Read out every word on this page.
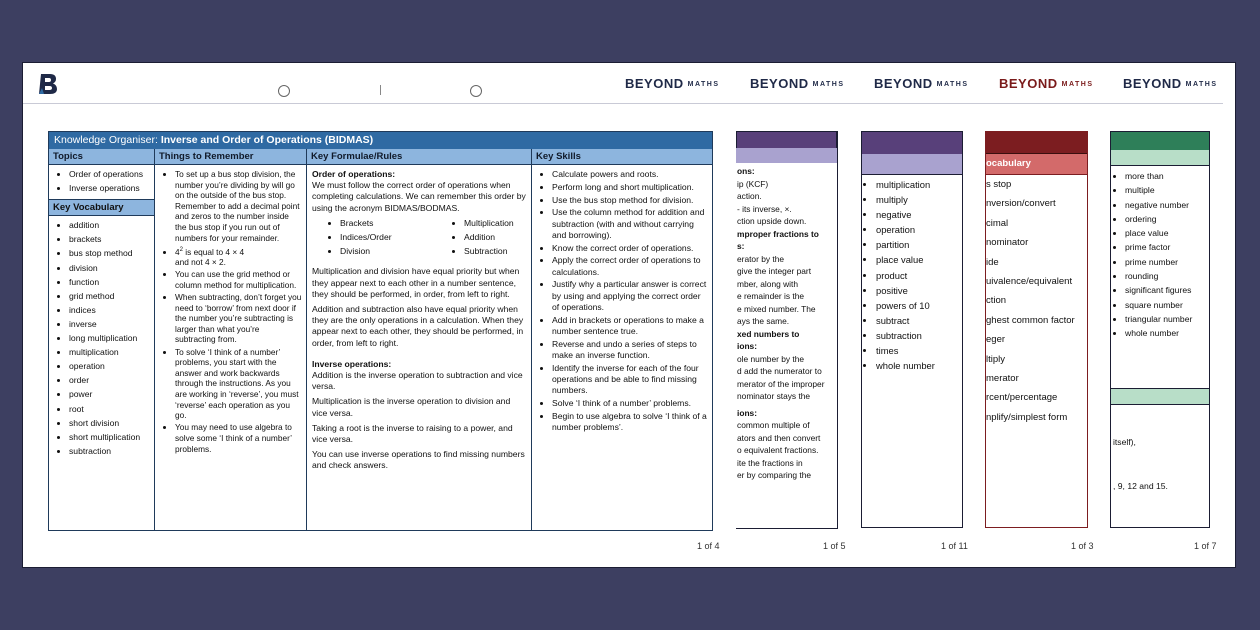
BEYOND MATHS BEYOND MATHS BEYOND MATHS BEYOND MATHS BEYOND MATHS
Knowledge Organiser: Inverse and Order of Operations (BIDMAS)
Topics
• Order of operations
• Inverse operations
Key Vocabulary
• addition
• brackets
• bus stop method
• division
• function
• grid method
• indices
• inverse
• long multiplication
• multiplication
• operation
• order
• power
• root
• short division
• short multiplication
• subtraction
Things to Remember
• To set up a bus stop division, the number you’re dividing by will go on the outside of the bus stop. Remember to add a decimal point and zeros to the number inside the bus stop if you run out of numbers for your remainder.
• $4^2$ is equal to 4 × 4
and not 4 × 2.
• You can use the grid method or column method for multiplication.
• When subtracting, don’t forget you need to ‘borrow’ from next door if the number you’re subtracting is larger than what you’re subtracting from.
• To solve ‘I think of a number’ problems, you start with the answer and work backwards through the instructions. As you are working in ‘reverse’, you must ‘reverse’ each operation as you go.
• You may need to use algebra to solve some ‘I think of a number’ problems.
Key Formulae/Rules

Order of operations:
We must follow the correct order of operations when completing calculations. We can remember this order by using the acronym BIDMAS/BODMAS.

• Brackets
• Indices/Order
• Division
• Multiplication
• Addition
• Subtraction

Multiplication and division have equal priority but when they appear next to each other in a number sentence, they should be performed, in order, from left to right.

Addition and subtraction also have equal priority when they are the only operations in a calculation. When they appear next to each other, they should be performed, in order, from left to right.

Inverse operations:
Addition is the inverse operation to subtraction and vice versa.

Multiplication is the inverse operation to division and vice versa.

Taking a root is the inverse to raising to a power, and vice versa.

You can use inverse operations to find missing numbers and check answers.

Key Skills
• Calculate powers and roots.
• Perform long and short multiplication.
• Use the bus stop method for division.
• Use the column method for addition and subtraction (with and without carrying and borrowing).
• Know the correct order of operations.
• Apply the correct order of operations to calculations.
• Justify why a particular answer is correct by using and applying the correct order of operations.
• Add in brackets or operations to make a number sentence true.
• Reverse and undo a series of steps to make an inverse function.
• Identify the inverse for each of the four operations and be able to find missing numbers.
• Solve ‘I think of a number’ problems.
• Begin to use algebra to solve ‘I think of a number problems’.
1 of 4
ons:
ip (KCF)
action.
- its inverse, ×.
ction upside down.
mproper fractions to
s:
erator by the
give the integer part
mber, along with
e remainder is the
e mixed number. The
ays the same.
xed numbers to
ions:
ole number by the
d add the numerator to
merator of the improper
nominator stays the
ions:
common multiple of
ators and then convert
o equivalent fractions.
ite the fractions in
er by comparing the
1 of 5
• multiplication
• multiply
• negative
• operation
• partition
• place value
• product
• positive
• powers of 10
• subtract
• subtraction
• times
• whole number
1 of 11
ocabulary
s stop
nversion/convert
cimal
nominator
ide
uivalence/equivalent
ction
ghest common factor
eger
ltiply
merator
rcent/percentage
nplify/simplest form
1 of 3
• more than
• multiple
• negative number
• ordering
• place value
• prime factor
• prime number
• rounding
• significant figures
• square number
• triangular number
• whole number
itself),
, 9, 12 and 15.
1 of 7
